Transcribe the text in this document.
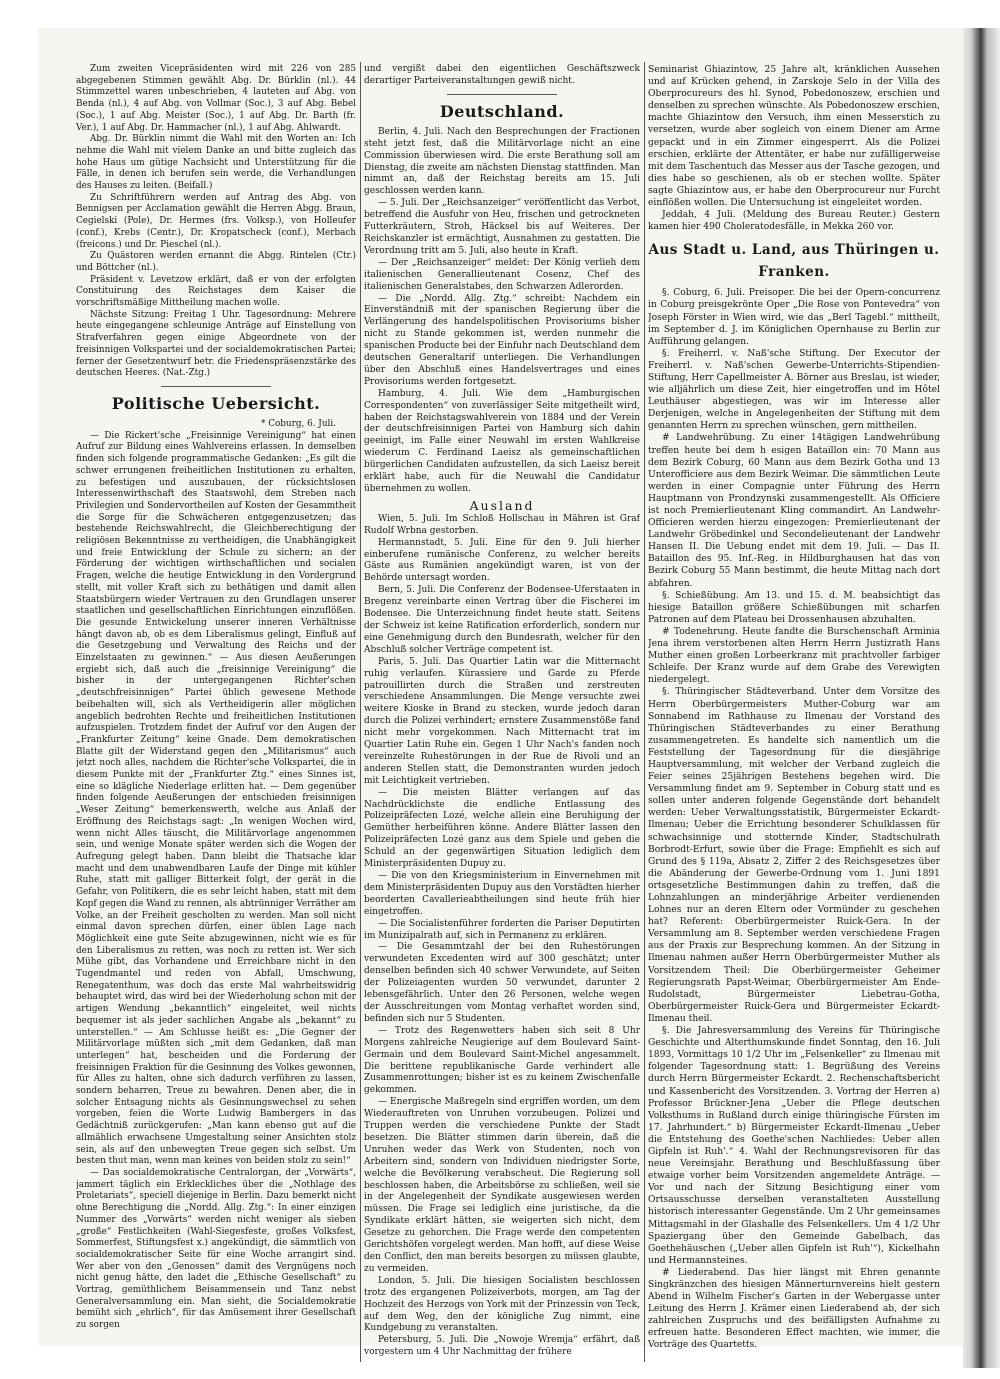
Zum zweiten Vicepräsidenten wird mit 226 von 285 abgegebenen Stimmen gewählt Abg. Dr. Bürklin (nl.). 44 Stimmzettel waren unbeschrieben, 4 lauteten auf Abg. von Benda (nl.), 4 auf Abg. von Vollmar (Soc.), 3 auf Abg. Bebel (Soc.), 1 auf Abg. Meister (Soc.), 1 auf Abg. Dr. Barth (fr. Ver.), 1 auf Abg. Dr. Hammacher (nl.), 1 auf Abg. Ahlwardt.

Abg. Dr. Bürklin nimmt die Wahl mit den Worten an: Ich nehme die Wahl mit vielem Danke an und bitte zugleich das hohe Haus um gütige Nachsicht und Unterstützung für die Fälle, in denen ich berufen sein werde, die Verhandlungen des Hauses zu leiten. (Beifall.)

Zu Schriftführern werden auf Antrag des Abg. von Bennigsen per Acclamation gewählt die Herren Abgg. Braun, Cegielski (Pole), Dr. Hermes (frs. Volksp.), von Holleufer (conf.), Krebs (Centr.), Dr. Kropatscheck (conf.), Merbach (freicons.) und Dr. Pieschel (nl.).

Zu Quästoren werden ernannt die Abgg. Rintelen (Ctr.) und Böttcher (nl.).

Präsident v. Levetzow erklärt, daß er von der erfolgten Constituirung des Reichstages dem Kaiser die vorschriftsmäßige Mittheilung machen wolle.

Nächste Sitzung: Freitag 1 Uhr. Tagesordnung: Mehrere heute eingegangene schleunige Anträge auf Einstellung von Strafverfahren gegen einige Abgeordnete von der freisinnigen Volkspartei und der socialdemokratischen Partei; ferner der Gesetzentwurf betr. die Friedenspräsenzstärke des deutschen Heeres. (Nat.-Ztg.)

Politische Uebersicht.

* Coburg, 6. Juli.

— Die Rickert'sche „Freisinnige Vereinigung“ hat einen Aufruf zur Bildung eines Wahlvereins erlassen. In demselben finden sich folgende programmatische Gedanken: „Es gilt die schwer errungenen freiheitlichen Institutionen zu erhalten, zu befestigen und auszubauen, der rücksichtslosen Interessenwirthschaft des Staatswohl, dem Streben nach Privilegien und Sondervortheilen auf Kosten der Gesammtheit die Sorge für die Schwächeren entgegenzusetzen; das bestehende Reichswahlrecht, die Gleichberechtigung der religiösen Bekenntnisse zu vertheidigen, die Unabhängigkeit und freie Entwicklung der Schule zu sichern; an der Förderung der wichtigen wirthschaftlichen und socialen Fragen, welche die heutige Entwicklung in den Vordergrund stellt, mit voller Kraft sich zu bethätigen und damit allen Staatsbürgern wieder Vertrauen zu den Grundlagen unserer staatlichen und gesellschaftlichen Einrichtungen einzuflößen. Die gesunde Entwickelung unserer inneren Verhältnisse hängt davon ab, ob es dem Liberalismus gelingt, Einfluß auf die Gesetzgebung und Verwaltung des Reichs und der Einzelstaaten zu gewinnen.“ — Aus diesen Aeußerungen ergiebt sich, daß auch die „freisinnige Vereinigung“ die bisher in der untergegangenen Richter'schen „deutschfreisinnigen“ Partei üblich gewesene Methode beibehalten will, sich als Vertheidigerin aller möglichen angeblich bedrohten Rechte und freiheitlichen Institutionen aufzuspielen. Trotzdem findet der Aufruf vor den Augen der „Frankfurter Zeitung“ keine Gnade. Dem demokratischen Blatte gilt der Widerstand gegen den „Militarismus“ auch jetzt noch alles, nachdem die Richter'sche Volkspartei, die in diesem Punkte mit der „Frankfurter Ztg.“ eines Sinnes ist, eine so klägliche Niederlage erlitten hat. — Dem gegenüber finden folgende Aeußerungen der entschieden freisinnigen „Weser Zeitung“ bemerkenswerth, welche aus Anlaß der Eröffnung des Reichstags sagt: „In wenigen Wochen wird, wenn nicht Alles täuscht, die Militärvorlage angenommen sein, und wenige Monate später werden sich die Wogen der Aufregung gelegt haben. Dann bleibt die Thatsache klar macht und dem unabwendbaren Laufe der Dinge mit kühler Ruhe, statt mit galliger Bitterkeit folgt, der gerät in die Gefahr, von Politikern, die es sehr leicht haben, statt mit dem Kopf gegen die Wand zu rennen, als abtrünniger Verräther am Volke, an der Freiheit gescholten zu werden. Man soll nicht einmal davon sprechen dürfen, einer üblen Lage nach Möglichkeit eine gute Seite abzugewinnen, nicht wie es für den Liberalismus zu retten, was noch zu retten ist. Wer sich Mühe gibt, das Vorhandene und Erreichbare nicht in den Tugendmantel und reden von Abfall, Umschwung, Renegatenthum, was doch das erste Mal wahrheitswidrig behauptet wird, das wird bei der Wiederholung schon mit der artigen Wendung „bekanntlich“ eingeleitet, weil nichts bequemer ist als jeder sachlichen Angabe als „bekannt“ zu unterstellen.“ — Am Schlusse heißt es: „Die Gegner der Militärvorlage müßten sich „mit dem Gedanken, daß man unterlegen“ hat, bescheiden und die Forderung der freisinnigen Fraktion für die Gesinnung des Volkes gewonnen, für Alles zu halten, ohne sich dadurch verführen zu lassen, sondern beharren, Treue zu bewahren. Denen aber, die in solcher Entsagung nichts als Gesinnungswechsel zu sehen vorgeben, feien die Worte Ludwig Bambergers in das Gedächtniß zurückgerufen: „Man kann ebenso gut auf die allmählich erwachsene Umgestaltung seiner Ansichten stolz sein, als auf den unbewegten Treue gegen sich selbst. Um besten thut man, wenn man keines von beiden stolz zu sein!“

— Das socialdemokratische Centralorgan, der „Vorwärts“, jammert täglich ein Erkleckliches über die „Nothlage des Proletariats“, speciell diejenige in Berlin. Dazu bemerkt nicht ohne Berechtigung die „Nordd. Allg. Ztg.“: In einer einzigen Nummer des „Vorwärts“ werden nicht weniger als sieben „große“ Festlichkeiten (Wahl-Siegesfeste, großes Volksfest, Sommerfest, Stiftungsfest x.) angekündigt, die sämmtlich von socialdemokratischer Seite für eine Woche arrangirt sind. Wer aber von den „Genossen“ damit des Vergnügens noch nicht genug hätte, den ladet die „Ethische Gesellschaft“ zu Vortrag, gemüthlichem Beisammensein und Tanz nebst Generalversammlung ein. Man sieht, die Socialdemokratie bemüht sich „ehrlich“, für das Amüsement ihrer Gesellschaft zu sorgen

und vergißt dabei den eigentlichen Geschäftszweck derartiger Parteiveranstaltungen gewiß nicht.

Deutschland.

Berlin, 4. Juli. Nach den Besprechungen der Fractionen steht jetzt fest, daß die Militärvorlage nicht an eine Commission überwiesen wird. Die erste Berathung soll am Dienstag, die zweite am nächsten Dienstag stattfinden. Man nimmt an, daß der Reichstag bereits am 15. Juli geschlossen werden kann.

— 5. Juli. Der „Reichsanzeiger“ veröffentlicht das Verbot, betreffend die Ausfuhr von Heu, frischen und getrockneten Futterkräutern, Stroh, Häcksel bis auf Weiteres. Der Reichskanzler ist ermächtigt, Ausnahmen zu gestatten. Die Verordnung tritt am 5. Juli, also heute in Kraft.

— Der „Reichsanzeiger“ meldet: Der König verlieh dem italienischen Generallieutenant Cosenz, Chef des italienischen Generalstabes, den Schwarzen Adlerorden.

— Die „Nordd. Allg. Ztg.“ schreibt: Nachdem ein Einverständniß mit der spanischen Regierung über die Verlängerung des handelspolitischen Provisoriums bisher nicht zu Stande gekommen ist, werden nunmehr die spanischen Producte bei der Einfuhr nach Deutschland dem deutschen Generaltarif unterliegen. Die Verhandlungen über den Abschluß eines Handelsvertrages und eines Provisoriums werden fortgesetzt.

Hamburg, 4. Juli. Wie dem „Hamburgischen Correspondenten“ von zuverlässiger Seite mitgetheilt wird, haben der Reichstagswahlverein von 1884 und der Verein der deutschfreisinnigen Partei von Hamburg sich dahin geeinigt, im Falle einer Neuwahl im ersten Wahlkreise wiederum C. Ferdinand Laeisz als gemeinschaftlichen bürgerlichen Candidaten aufzustellen, da sich Laeisz bereit erklärt habe, auch für die Neuwahl die Candidatur übernehmen zu wollen.

Ausland

Wien, 5. Juli. Im Schloß Hollschau in Mähren ist Graf Rudolf Wrbna gestorben.

Hermannstadt, 5. Juli. Eine für den 9. Juli hierher einberufene rumänische Conferenz, zu welcher bereits Gäste aus Rumänien angekündigt waren, ist von der Behörde untersagt worden.

Bern, 5. Juli. Die Conferenz der Bodensee-Uferstaaten in Bregenz vereinbarte einen Vertrag über die Fischerei im Bodensee. Die Unterzeichnung findet heute statt. Seitens der Schweiz ist keine Ratification erforderlich, sondern nur eine Genehmigung durch den Bundesrath, welcher für den Abschluß solcher Verträge competent ist.

Paris, 5. Juli. Das Quartier Latin war die Mitternacht ruhig verlaufen. Kürassiere und Garde zu Pferde patrouillirten durch die Straßen und zerstreuten verschiedene Ansammlungen. Die Menge versuchte zwei weitere Kioske in Brand zu stecken, wurde jedoch daran durch die Polizei verhindert; ernstere Zusammenstöße fand nicht mehr vorgekommen. Nach Mitternacht trat im Quartier Latin Ruhe ein. Gegen 1 Uhr Nach's fanden noch vereinzelte Ruhestörungen in der Rue de Rivoli und an anderen Stellen statt, die Demonstranten wurden jedoch mit Leichtigkeit vertrieben.

— Die meisten Blätter verlangen auf das Nachdrücklichste die endliche Entlassung des Polizeipräfecten Lozé, welche allein eine Beruhigung der Gemüther herbeiführen könne. Andere Blätter lassen den Polizeipräfecten Lozé ganz aus dem Spiele und geben die Schuld an der gegenwärtigen Situation lediglich dem Ministerpräsidenten Dupuy zu.

— Die von den Kriegsministerium in Einvernehmen mit dem Ministerpräsidenten Dupuy aus den Vorstädten hierher beorderten Cavallerieabtheilungen sind heute früh hier eingetroffen.

— Die Socialistenführer forderten die Pariser Deputirten im Munizipalrath auf, sich in Permanenz zu erklären.

— Die Gesammtzahl der bei den Ruhestörungen verwundeten Excedenten wird auf 300 geschätzt; unter denselben befinden sich 40 schwer Verwundete, auf Seiten der Polizeiagenten wurden 50 verwundet, darunter 2 lebensgefährlich. Unter den 26 Personen, welche wegen der Ausschreitungen vom Montag verhaftet worden sind, befinden sich nur 5 Studenten.

— Trotz des Regenwetters haben sich seit 8 Uhr Morgens zahlreiche Neugierige auf dem Boulevard Saint-Germain und dem Boulevard Saint-Michel angesammelt. Die berittene republikanische Garde verhindert alle Zusammenrottungen; bisher ist es zu keinem Zwischenfalle gekommen.

— Energische Maßregeln sind ergriffen worden, um dem Wiederauftreten von Unruhen vorzubeugen. Polizei und Truppen werden die verschiedene Punkte der Stadt besetzen. Die Blätter stimmen darin überein, daß die Unruhen weder das Werk von Studenten, noch von Arbeitern sind, sondern von Individuen niedrigster Sorte, welche die Bevölkerung verabscheut. Die Regierung soll beschlossen haben, die Arbeitsbörse zu schließen, weil sie in der Angelegenheit der Syndikate ausgewiesen werden müssen. Die Frage sei lediglich eine juristische, da die Syndikate erklärt hätten, sie weigerten sich nicht, dem Gesetze zu gehorchen. Die Frage werde den competenten Gerichtshöfen vorgelegt werden. Man hofft, auf diese Weise den Conflict, den man bereits besorgen zu müssen glaubte, zu vermeiden.

London, 5. Juli. Die hiesigen Socialisten beschlossen trotz des ergangenen Polizeiverbots, morgen, am Tag der Hochzeit des Herzogs von York mit der Prinzessin von Teck, auf dem Weg, den der königliche Zug nimmt, eine Kundgebung zu veranstalten.

Petersburg, 5. Juli. Die „Nowoje Wremja“ erfährt, daß vorgestern um 4 Uhr Nachmittag der frühere

Seminarist Ghiazintow, 25 Jahre alt, kränklichen Aussehen und auf Krücken gehend, in Zarskoje Selo in der Villa des Oberprocureurs des hl. Synod, Pobedonoszew, erschien und denselben zu sprechen wünschte. Als Pobedonoszew erschien, machte Ghiazintow den Versuch, ihm einen Messerstich zu versetzen, wurde aber sogleich von einem Diener am Arme gepackt und in ein Zimmer eingesperrt. Als die Polizei erschien, erklärte der Attentäter, er habe nur zufälligerweise mit dem Taschentuch das Messer aus der Tasche gezogen, und dies habe so geschienen, als ob er stechen wollte. Später sagte Ghiazintow aus, er habe den Oberprocureur nur Furcht einflößen wollen. Die Untersuchung ist eingeleitet worden.

Jeddah, 4 Juli. (Meldung des Bureau Reuter.) Gestern kamen hier 490 Choleratodesfälle, in Mekka 260 vor.

Aus Stadt u. Land, aus Thüringen u. Franken.

§. Coburg, 6. Juli. Preisoper. Die bei der Opern-concurrenz in Coburg preisgekrönte Oper „Die Rose von Pontevedra“ von Joseph Förster in Wien wird, wie das „Berl Tagebl.“ mittheilt, im September d. J. im Königlichen Opernhause zu Berlin zur Aufführung gelangen.

§. Freiherrl. v. Naß'sche Stiftung. Der Executor der Freiherrl. v. Naß'schen Gewerbe-Unterrichts-Stipendien-Stiftung, Herr Capellmeister A. Börner aus Breslau, ist wieder, wie alljährlich um diese Zeit, hier eingetroffen und im Hôtel Leuthäuser abgestiegen, was wir im Interesse aller Derjenigen, welche in Angelegenheiten der Stiftung mit dem genannten Herrn zu sprechen wünschen, gern mittheilen.

# Landwehrübung. Zu einer 14tägigen Landwehrübung treffen heute bei dem h esigen Bataillon ein: 70 Mann aus dem Bezirk Coburg, 60 Mann aus dem Bezirk Gotha und 13 Unterofficiere aus dem Bezirk Weimar. Die sämmtlichen Leute werden in einer Compagnie unter Führung des Herrn Hauptmann von Prondzynski zusammengestellt. Als Officiere ist noch Premierlieutenant Kling commandirt. An Landwehr-Officieren werden hierzu eingezogen: Premierlieutenant der Landwehr Gröbedinkel und Secondelieutenant der Landwehr Hansen II. Die Uebung endet mit dem 19. Juli. — Das II. Bataillon des 95. Inf.-Reg. in Hildburghausen hat das von Bezirk Coburg 55 Mann bestimmt, die heute Mittag nach dort abfahren.

§. Schießübung. Am 13. und 15. d. M. beabsichtigt das hiesige Bataillon größere Schießübungen mit scharfen Patronen auf dem Plateau bei Drossenhausen abzuhalten.

# Todenehrung. Heute fandte die Burschenschaft Arminia Jena ihrem verstorbenen alten Herrn Herrn Justizrath Hans Muther einen großen Lorbeerkranz mit prachtvoller farbiger Schleife. Der Kranz wurde auf dem Grabe des Verewigten niedergelegt.

§. Thüringischer Städteverband. Unter dem Vorsitze des Herrn Oberbürgermeisters Muther-Coburg war am Sonnabend im Rathhause zu Ilmenau der Vorstand des Thüringischen Städteverbandes zu einer Berathung zusammengetreten. Es handelte sich namentlich um die Feststellung der Tagesordnung für die diesjährige Hauptversammlung, mit welcher der Verband zugleich die Feier seines 25jährigen Bestehens begehen wird. Die Versammlung findet am 9. September in Coburg statt und es sollen unter anderen folgende Gegenstände dort behandelt werden: Ueber Verwaltungsstatistik, Bürgermeister Eckardt-Ilmenau; Ueber die Errichtung besonderer Schulklassen für schwachsinnige und stotternde Kinder, Stadtschulrath Borbrodt-Erfurt, sowie über die Frage: Empfiehlt es sich auf Grund des § 119a, Absatz 2, Ziffer 2 des Reichsgesetzes über die Abänderung der Gewerbe-Ordnung vom 1. Juni 1891 ortsgesetzliche Bestimmungen dahin zu treffen, daß die Lohnzahlungen an minderjährige Arbeiter verdienenden Lohnes nur an deren Eltern oder Vormünder zu geschehen hat? Referent: Oberbürgermeister Ruick-Gera. In der Versammlung am 8. September werden verschiedene Fragen aus der Praxis zur Besprechung kommen. An der Sitzung in Ilmenau nahmen außer Herrn Oberbürgermeister Muther als Vorsitzendem Theil: Die Oberbürgermeister Geheimer Regierungsrath Papst-Weimar, Oberbürgermeister Am Ende-Rudolstadt, Bürgermeister Liebetrau-Gotha, Oberbürgermeister Ruick-Gera und Bürgermeister Eckardt-Ilmenau theil.

§. Die Jahresversammlung des Vereins für Thüringische Geschichte und Alterthumskunde findet Sonntag, den 16. Juli 1893, Vormittags 10 1/2 Uhr im „Felsenkeller“ zu Ilmenau mit folgender Tagesordnung statt: 1. Begrüßung des Vereins durch Herrn Bürgermeister Eckardt. 2. Rechenschaftsbericht und Kassenbericht des Vorsitzenden. 3. Vortrag der Herren a) Professor Brückner-Jena „Ueber die Pflege deutschen Volksthums in Rußland durch einige thüringische Fürsten im 17. Jahrhundert.“ b) Bürgermeister Eckardt-Ilmenau „Ueber die Entstehung des Goethe'schen Nachliedes: Ueber allen Gipfeln ist Ruh'.“ 4. Wahl der Rechnungsrevisoren für das neue Vereinsjahr. Berathung und Beschlußfassung über etwaige vorher beim Vorsitzenden angemeldete Anträge. — Vor und nach der Sitzung Besichtigung einer vom Ortsausschusse derselben veranstalteten Ausstellung historisch interessanter Gegenstände. Um 2 Uhr gemeinsames Mittagsmahl in der Glashalle des Felsenkellers. Um 4 1/2 Uhr Spaziergang über den Gemeinde Gabelbach, das Goethehäuschen („Ueber allen Gipfeln ist Ruh'“), Kickelhahn und Hermannsteines.

# Liederabend. Das hier längst mit Ehren genannte Singkränzchen des hiesigen Männerturnvereins hielt gestern Abend in Wilhelm Fischer's Garten in der Webergasse unter Leitung des Herrn J. Krämer einen Liederabend ab, der sich zahlreichen Zuspruchs und des beifälligsten Aufnahme zu erfreuen hatte. Besonderen Effect machten, wie immer, die Vorträge des Quartetts.
